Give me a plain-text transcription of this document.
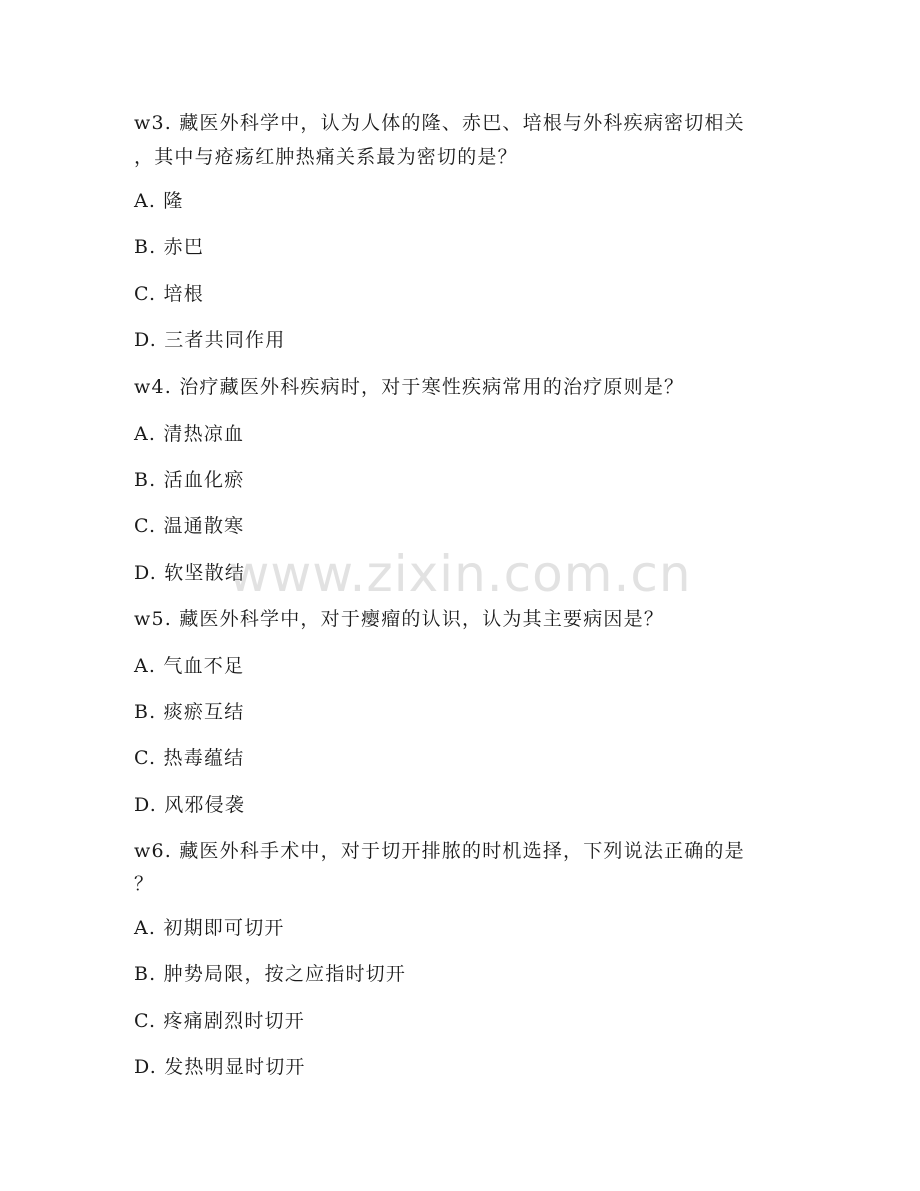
w3. 藏医外科学中，认为人体的隆、赤巴、培根与外科疾病密切相关
，其中与疮疡红肿热痛关系最为密切的是？
A. 隆
B. 赤巴
C. 培根
D. 三者共同作用
w4. 治疗藏医外科疾病时，对于寒性疾病常用的治疗原则是？
A. 清热凉血
B. 活血化瘀
C. 温通散寒
D. 软坚散结
w5. 藏医外科学中，对于瘿瘤的认识，认为其主要病因是？
A. 气血不足
B. 痰瘀互结
C. 热毒蕴结
D. 风邪侵袭
w6. 藏医外科手术中，对于切开排脓的时机选择，下列说法正确的是
？
A. 初期即可切开
B. 肿势局限，按之应指时切开
C. 疼痛剧烈时切开
D. 发热明显时切开
www.zixin.com.cn
